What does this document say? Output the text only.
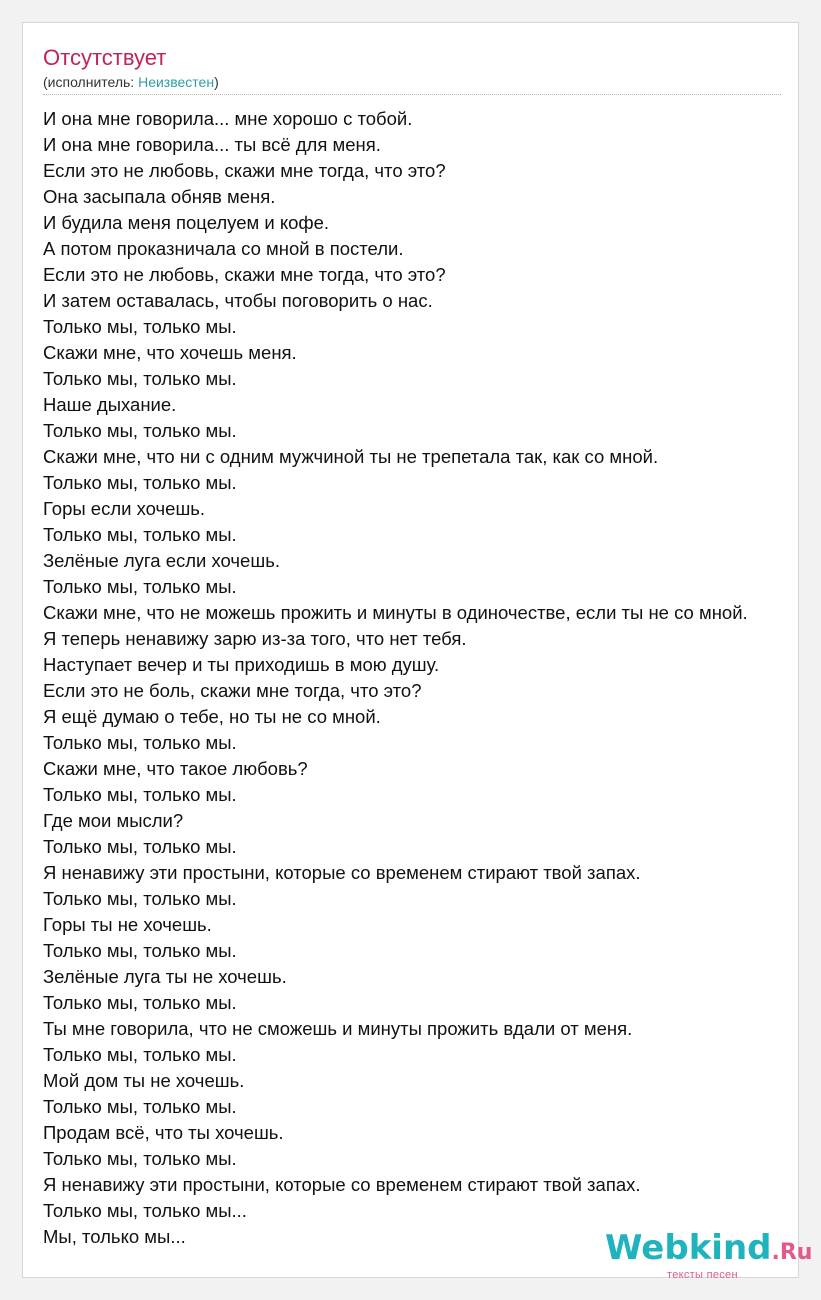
Отсутствует
(исполнитель: Неизвестен)
И она мне говорила... мне хорошо с тобой.
И она мне говорила... ты всё для меня.
Если это не любовь, скажи мне тогда, что это?
Она засыпала обняв меня.
И будила меня поцелуем и кофе.
А потом проказничала со мной в постели.
Если это не любовь, скажи мне тогда, что это?
И затем оставалась, чтобы поговорить о нас.
Только мы, только мы.
Скажи мне, что хочешь меня.
Только мы, только мы.
Наше дыхание.
Только мы, только мы.
Скажи мне, что ни с одним мужчиной ты не трепетала так, как со мной.
Только мы, только мы.
Горы если хочешь.
Только мы, только мы.
Зелёные луга если хочешь.
Только мы, только мы.
Скажи мне, что не можешь прожить и минуты в одиночестве, если ты не со мной.
Я теперь ненавижу зарю из-за того, что нет тебя.
Наступает вечер и ты приходишь в мою душу.
Если это не боль, скажи мне тогда, что это?
Я ещё думаю о тебе, но ты не со мной.
Только мы, только мы.
Скажи мне, что такое любовь?
Только мы, только мы.
Где мои мысли?
Только мы, только мы.
Я ненавижу эти простыни, которые со временем стирают твой запах.
Только мы, только мы.
Горы ты не хочешь.
Только мы, только мы.
Зелёные луга ты не хочешь.
Только мы, только мы.
Ты мне говорила, что не сможешь и минуты прожить вдали от меня.
Только мы, только мы.
Мой дом ты не хочешь.
Только мы, только мы.
Продам всё, что ты хочешь.
Только мы, только мы.
Я ненавижу эти простыни, которые со временем стирают твой запах.
Только мы, только мы...
Мы, только мы...	Webkind.Ru
тексты песен
